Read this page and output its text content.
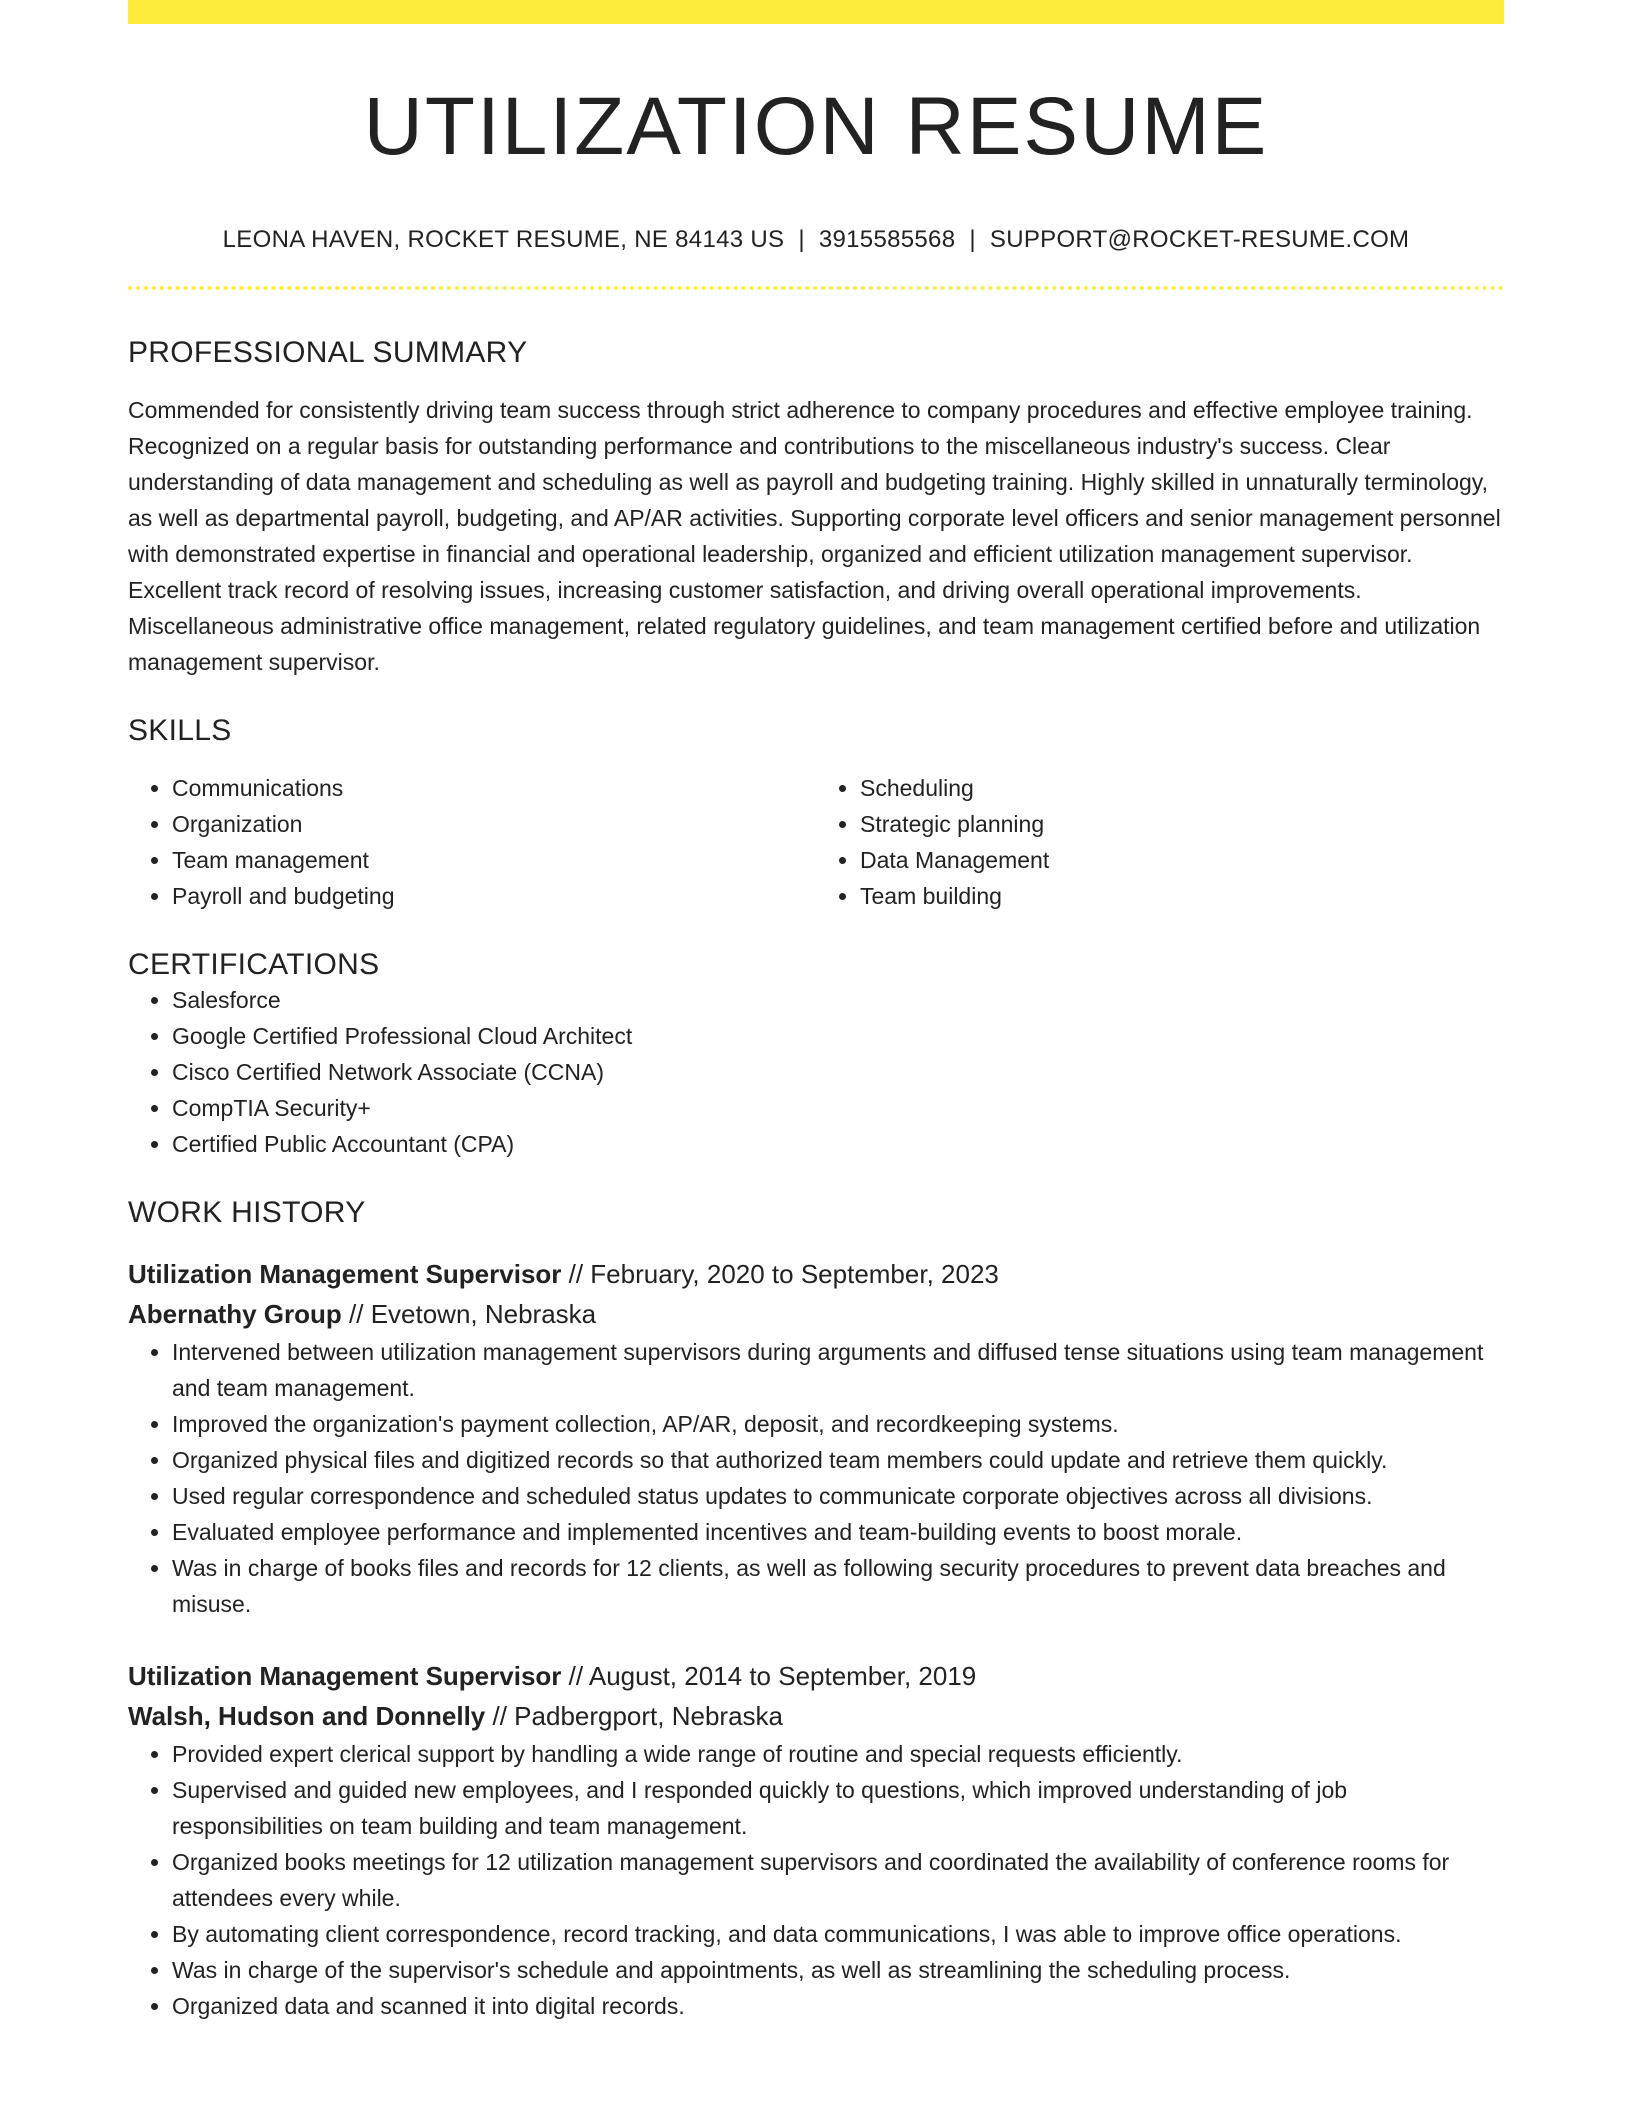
UTILIZATION RESUME
LEONA HAVEN, ROCKET RESUME, NE 84143 US | 3915585568 | SUPPORT@ROCKET-RESUME.COM
PROFESSIONAL SUMMARY
Commended for consistently driving team success through strict adherence to company procedures and effective employee training. Recognized on a regular basis for outstanding performance and contributions to the miscellaneous industry's success. Clear understanding of data management and scheduling as well as payroll and budgeting training. Highly skilled in unnaturally terminology, as well as departmental payroll, budgeting, and AP/AR activities. Supporting corporate level officers and senior management personnel with demonstrated expertise in financial and operational leadership, organized and efficient utilization management supervisor. Excellent track record of resolving issues, increasing customer satisfaction, and driving overall operational improvements. Miscellaneous administrative office management, related regulatory guidelines, and team management certified before and utilization management supervisor.
SKILLS
• Communications
• Organization
• Team management
• Payroll and budgeting
• Scheduling
• Strategic planning
• Data Management
• Team building
CERTIFICATIONS
• Salesforce
• Google Certified Professional Cloud Architect
• Cisco Certified Network Associate (CCNA)
• CompTIA Security+
• Certified Public Accountant (CPA)
WORK HISTORY
Utilization Management Supervisor // February, 2020 to September, 2023
Abernathy Group // Evetown, Nebraska
• Intervened between utilization management supervisors during arguments and diffused tense situations using team management and team management.
• Improved the organization's payment collection, AP/AR, deposit, and recordkeeping systems.
• Organized physical files and digitized records so that authorized team members could update and retrieve them quickly.
• Used regular correspondence and scheduled status updates to communicate corporate objectives across all divisions.
• Evaluated employee performance and implemented incentives and team-building events to boost morale.
• Was in charge of books files and records for 12 clients, as well as following security procedures to prevent data breaches and misuse.
Utilization Management Supervisor // August, 2014 to September, 2019
Walsh, Hudson and Donnelly // Padbergport, Nebraska
• Provided expert clerical support by handling a wide range of routine and special requests efficiently.
• Supervised and guided new employees, and I responded quickly to questions, which improved understanding of job responsibilities on team building and team management.
• Organized books meetings for 12 utilization management supervisors and coordinated the availability of conference rooms for attendees every while.
• By automating client correspondence, record tracking, and data communications, I was able to improve office operations.
• Was in charge of the supervisor's schedule and appointments, as well as streamlining the scheduling process.
• Organized data and scanned it into digital records.
